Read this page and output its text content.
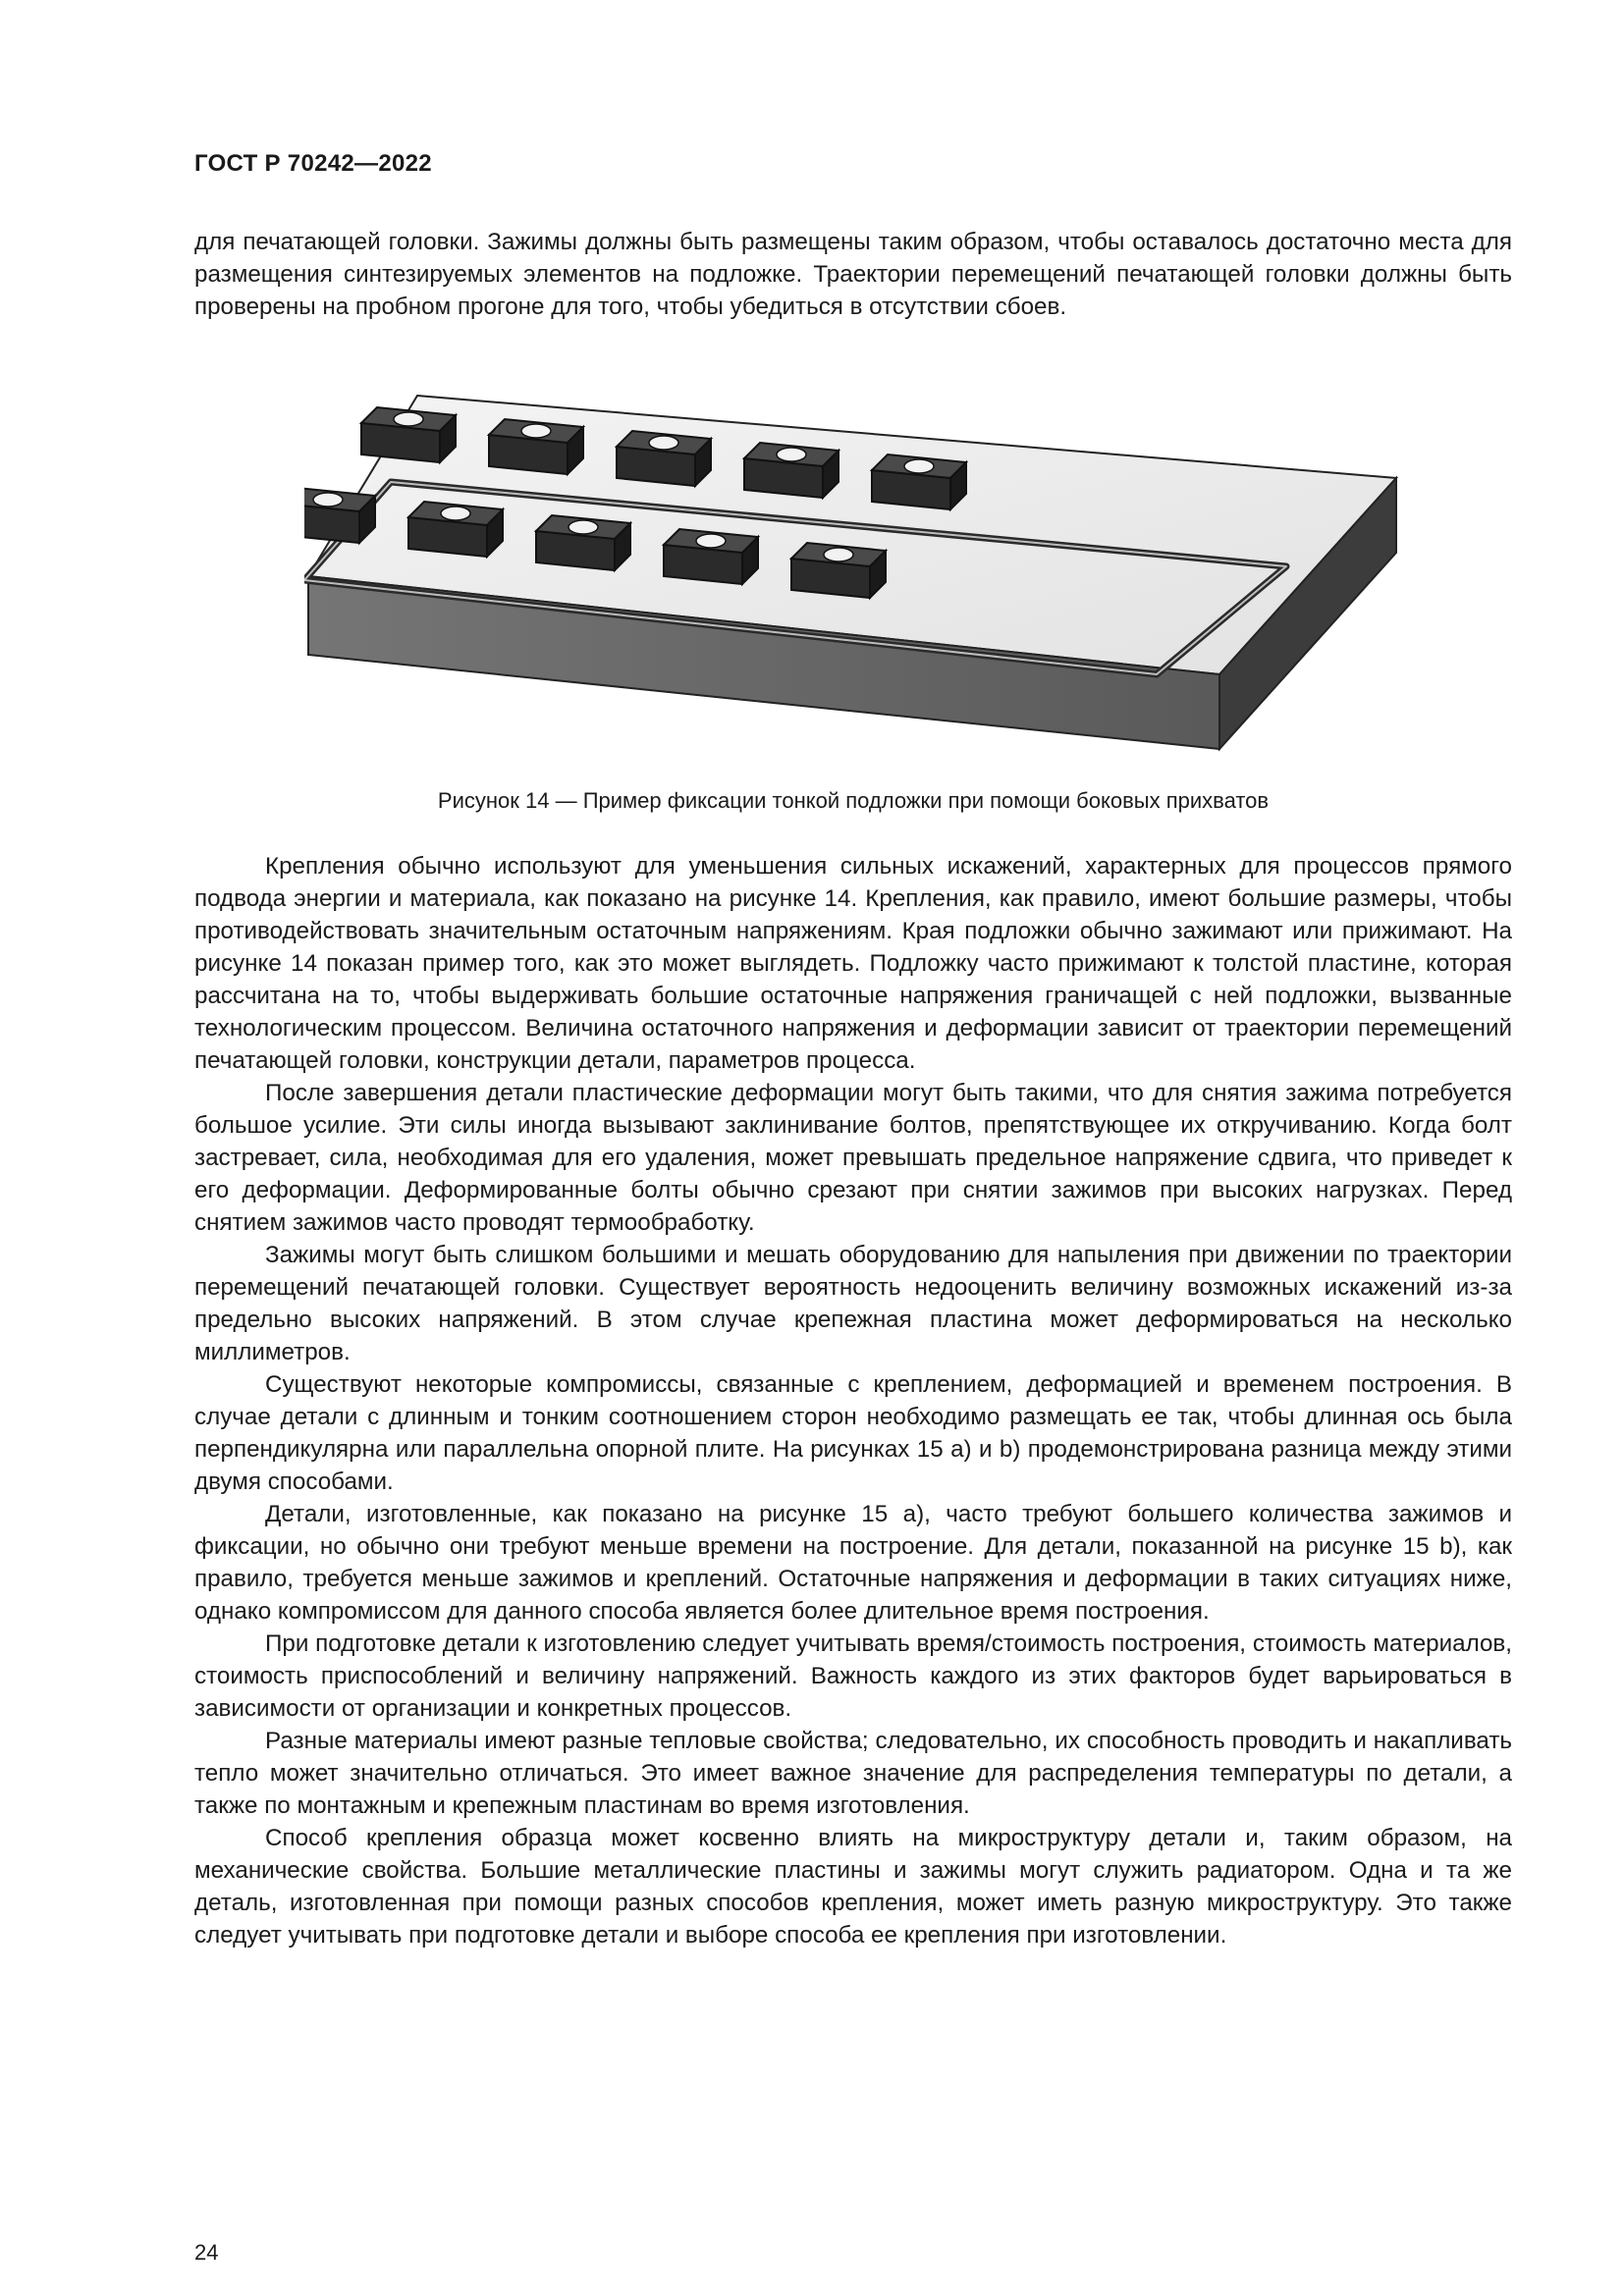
ГОСТ Р 70242—2022

для печатающей головки. Зажимы должны быть размещены таким образом, чтобы оставалось достаточно места для размещения синтезируемых элементов на подложке. Траектории перемещений печатающей головки должны быть проверены на пробном прогоне для того, чтобы убедиться в отсутствии сбоев.

Рисунок 14 — Пример фиксации тонкой подложки при помощи боковых прихватов

Крепления обычно используют для уменьшения сильных искажений, характерных для процессов прямого подвода энергии и материала, как показано на рисунке 14. Крепления, как правило, имеют большие размеры, чтобы противодействовать значительным остаточным напряжениям. Края подложки обычно зажимают или прижимают. На рисунке 14 показан пример того, как это может выглядеть. Подложку часто прижимают к толстой пластине, которая рассчитана на то, чтобы выдерживать большие остаточные напряжения граничащей с ней подложки, вызванные технологическим процессом. Величина остаточного напряжения и деформации зависит от траектории перемещений печатающей головки, конструкции детали, параметров процесса.

После завершения детали пластические деформации могут быть такими, что для снятия зажима потребуется большое усилие. Эти силы иногда вызывают заклинивание болтов, препятствующее их откручиванию. Когда болт застревает, сила, необходимая для его удаления, может превышать предельное напряжение сдвига, что приведет к его деформации. Деформированные болты обычно срезают при снятии зажимов при высоких нагрузках. Перед снятием зажимов часто проводят термообработку.

Зажимы могут быть слишком большими и мешать оборудованию для напыления при движении по траектории перемещений печатающей головки. Существует вероятность недооценить величину возможных искажений из-за предельно высоких напряжений. В этом случае крепежная пластина может деформироваться на несколько миллиметров.

Существуют некоторые компромиссы, связанные с креплением, деформацией и временем построения. В случае детали с длинным и тонким соотношением сторон необходимо размещать ее так, чтобы длинная ось была перпендикулярна или параллельна опорной плите. На рисунках 15 a) и b) продемонстрирована разница между этими двумя способами.

Детали, изготовленные, как показано на рисунке 15 a), часто требуют большего количества зажимов и фиксации, но обычно они требуют меньше времени на построение. Для детали, показанной на рисунке 15 b), как правило, требуется меньше зажимов и креплений. Остаточные напряжения и деформации в таких ситуациях ниже, однако компромиссом для данного способа является более длительное время построения.

При подготовке детали к изготовлению следует учитывать время/стоимость построения, стоимость материалов, стоимость приспособлений и величину напряжений. Важность каждого из этих факторов будет варьироваться в зависимости от организации и конкретных процессов.

Разные материалы имеют разные тепловые свойства; следовательно, их способность проводить и накапливать тепло может значительно отличаться. Это имеет важное значение для распределения температуры по детали, а также по монтажным и крепежным пластинам во время изготовления.

Способ крепления образца может косвенно влиять на микроструктуру детали и, таким образом, на механические свойства. Большие металлические пластины и зажимы могут служить радиатором. Одна и та же деталь, изготовленная при помощи разных способов крепления, может иметь разную микроструктуру. Это также следует учитывать при подготовке детали и выборе способа ее крепления при изготовлении.

24
